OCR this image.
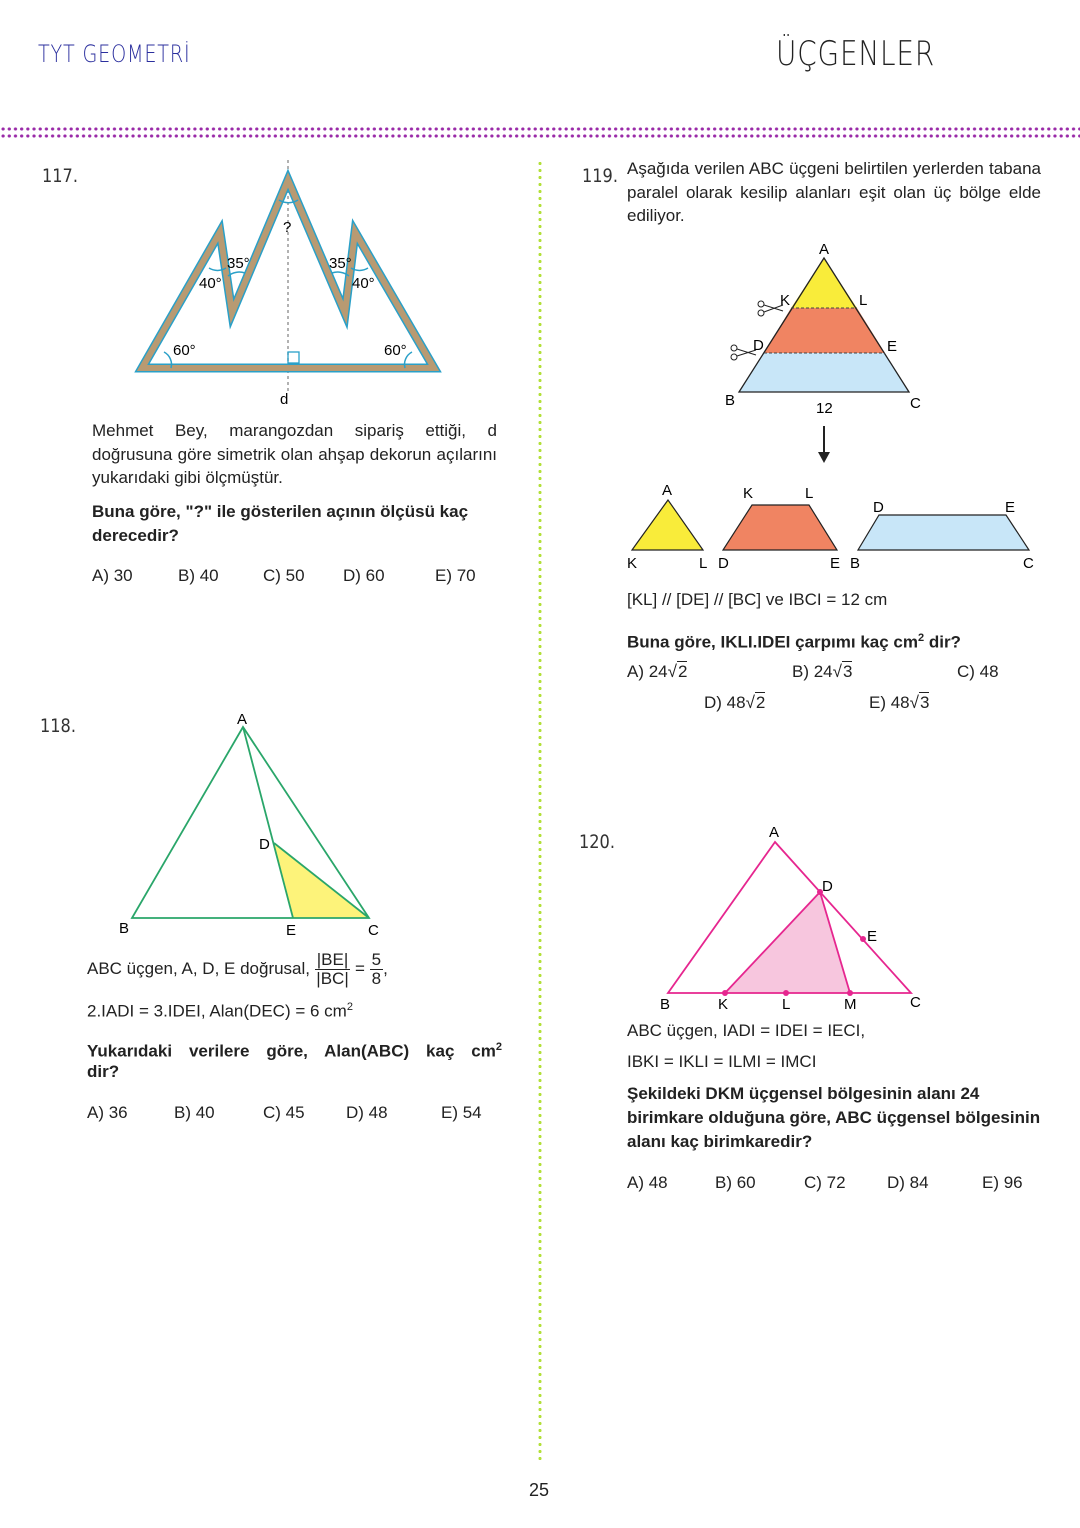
TYT GEOMETRİ	ÜÇGENLER
117.
?
d
35°
40°
35°
40°
60°	60°
Mehmet Bey, marangozdan sipariş ettiği, d doğrusuna göre simetrik olan ahşap dekorun açılarını yukarıdaki gibi ölçmüştür.
Buna göre, "?" ile gösterilen açının ölçüsü kaç derecedir?
A) 30	B) 40	C) 50 D) 60	E) 70
118.	A
D
B	E	C
ABC üçgen, A, D, E doğrusal, $\frac{|BE|}{|BC|} = \frac{5}{8}$ ,
2.IADI = 3.IDEI, Alan(DEC) = 6 $cm^2$
Yukarıdaki verilere göre, Alan(ABC) kaç $cm^2$
dir?
A) 36	B) 40	C) 45 D) 48	E) 54
119. Aşağıda verilen ABC üçgeni belirtilen yerlerden tabana paralel olarak kesilip alanları eşit olan üç bölge elde ediliyor.
A
K	L
D	E
B	C
12
A
K	L
K	L
D	E
D	E
B	C
[KL] // [DE] // [BC] ve IBCI = 12 cm
Buna göre, IKLI.IDEI çarpımı kaç $cm^2$ dir?
A) 24√2	B) 24√3	C) 48
D) 48√2	E) 48√3
120.	A
D
E
B	K	L	M	C
ABC üçgen, IADI = IDEI = IECI,
IBKI = IKLI = ILMI = IMCI
Şekildeki DKM üçgensel bölgesinin alanı 24 birimkare olduğuna göre, ABC üçgensel bölgesinin alanı kaç birimkaredir?
A) 48	B) 60	C) 72 D) 84	E) 96
25
